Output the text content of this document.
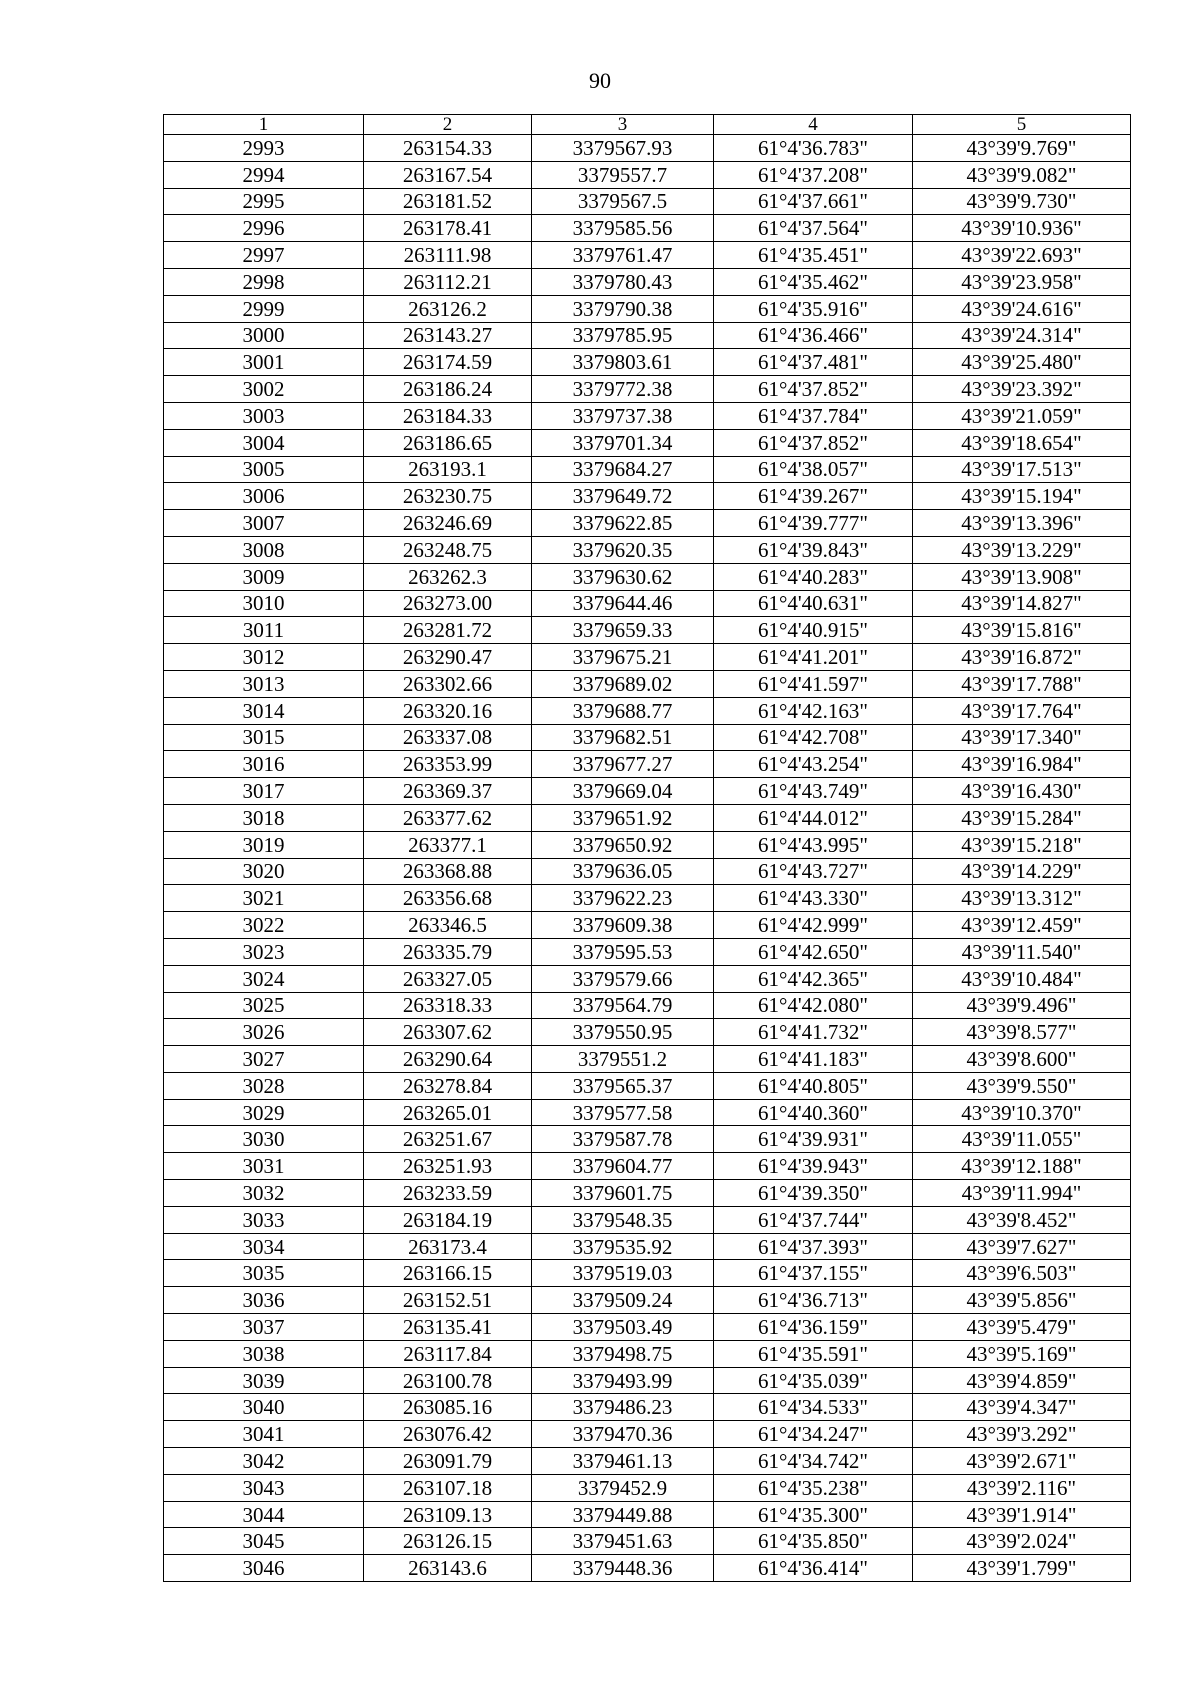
90
1	2	3	4	5
2993	263154.33	3379567.93	61°4'36.783"	43°39'9.769"
2994	263167.54	3379557.7	61°4'37.208"	43°39'9.082"
2995	263181.52	3379567.5	61°4'37.661"	43°39'9.730"
2996	263178.41	3379585.56	61°4'37.564"	43°39'10.936"
2997	263111.98	3379761.47	61°4'35.451"	43°39'22.693"
2998	263112.21	3379780.43	61°4'35.462"	43°39'23.958"
2999	263126.2	3379790.38	61°4'35.916"	43°39'24.616"
3000	263143.27	3379785.95	61°4'36.466"	43°39'24.314"
3001	263174.59	3379803.61	61°4'37.481"	43°39'25.480"
3002	263186.24	3379772.38	61°4'37.852"	43°39'23.392"
3003	263184.33	3379737.38	61°4'37.784"	43°39'21.059"
3004	263186.65	3379701.34	61°4'37.852"	43°39'18.654"
3005	263193.1	3379684.27	61°4'38.057"	43°39'17.513"
3006	263230.75	3379649.72	61°4'39.267"	43°39'15.194"
3007	263246.69	3379622.85	61°4'39.777"	43°39'13.396"
3008	263248.75	3379620.35	61°4'39.843"	43°39'13.229"
3009	263262.3	3379630.62	61°4'40.283"	43°39'13.908"
3010	263273.00	3379644.46	61°4'40.631"	43°39'14.827"
3011	263281.72	3379659.33	61°4'40.915"	43°39'15.816"
3012	263290.47	3379675.21	61°4'41.201"	43°39'16.872"
3013	263302.66	3379689.02	61°4'41.597"	43°39'17.788"
3014	263320.16	3379688.77	61°4'42.163"	43°39'17.764"
3015	263337.08	3379682.51	61°4'42.708"	43°39'17.340"
3016	263353.99	3379677.27	61°4'43.254"	43°39'16.984"
3017	263369.37	3379669.04	61°4'43.749"	43°39'16.430"
3018	263377.62	3379651.92	61°4'44.012"	43°39'15.284"
3019	263377.1	3379650.92	61°4'43.995"	43°39'15.218"
3020	263368.88	3379636.05	61°4'43.727"	43°39'14.229"
3021	263356.68	3379622.23	61°4'43.330"	43°39'13.312"
3022	263346.5	3379609.38	61°4'42.999"	43°39'12.459"
3023	263335.79	3379595.53	61°4'42.650"	43°39'11.540"
3024	263327.05	3379579.66	61°4'42.365"	43°39'10.484"
3025	263318.33	3379564.79	61°4'42.080"	43°39'9.496"
3026	263307.62	3379550.95	61°4'41.732"	43°39'8.577"
3027	263290.64	3379551.2	61°4'41.183"	43°39'8.600"
3028	263278.84	3379565.37	61°4'40.805"	43°39'9.550"
3029	263265.01	3379577.58	61°4'40.360"	43°39'10.370"
3030	263251.67	3379587.78	61°4'39.931"	43°39'11.055"
3031	263251.93	3379604.77	61°4'39.943"	43°39'12.188"
3032	263233.59	3379601.75	61°4'39.350"	43°39'11.994"
3033	263184.19	3379548.35	61°4'37.744"	43°39'8.452"
3034	263173.4	3379535.92	61°4'37.393"	43°39'7.627"
3035	263166.15	3379519.03	61°4'37.155"	43°39'6.503"
3036	263152.51	3379509.24	61°4'36.713"	43°39'5.856"
3037	263135.41	3379503.49	61°4'36.159"	43°39'5.479"
3038	263117.84	3379498.75	61°4'35.591"	43°39'5.169"
3039	263100.78	3379493.99	61°4'35.039"	43°39'4.859"
3040	263085.16	3379486.23	61°4'34.533"	43°39'4.347"
3041	263076.42	3379470.36	61°4'34.247"	43°39'3.292"
3042	263091.79	3379461.13	61°4'34.742"	43°39'2.671"
3043	263107.18	3379452.9	61°4'35.238"	43°39'2.116"
3044	263109.13	3379449.88	61°4'35.300"	43°39'1.914"
3045	263126.15	3379451.63	61°4'35.850"	43°39'2.024"
3046	263143.6	3379448.36	61°4'36.414"	43°39'1.799"
